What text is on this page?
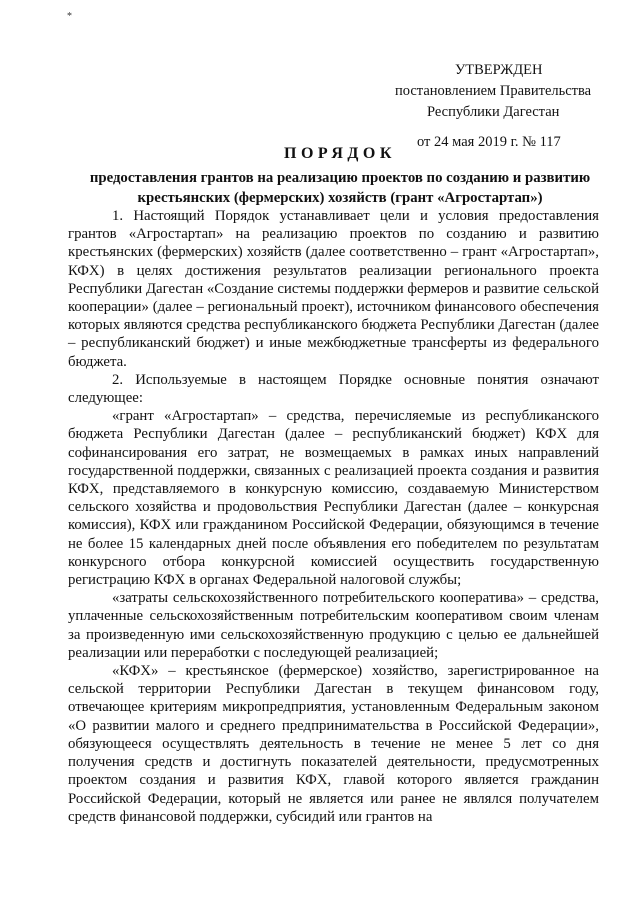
*
УТВЕРЖДЕН
постановлением Правительства
Республики Дагестан
от 24 мая 2019 г. № 117
ПОРЯДОК
предоставления грантов на реализацию проектов по созданию и развитию
крестьянских (фермерских) хозяйств (грант «Агростартап»)

1. Настоящий Порядок устанавливает цели и условия предоставления грантов «Агростартап» на реализацию проектов по созданию и развитию крестьянских (фермерских) хозяйств (далее соответственно – грант «Агростартап», КФХ) в целях достижения результатов реализации регионального проекта Республики Дагестан «Создание системы поддержки фермеров и развитие сельской кооперации» (далее – региональный проект), источником финансового обеспечения которых являются средства республиканского бюджета Республики Дагестан (далее – республиканский бюджет) и иные межбюджетные трансферты из федерального бюджета.

2. Используемые в настоящем Порядке основные понятия означают следующее:

«грант «Агростартап» – средства, перечисляемые из республиканского бюджета Республики Дагестан (далее – республиканский бюджет) КФХ для софинансирования его затрат, не возмещаемых в рамках иных направлений государственной поддержки, связанных с реализацией проекта создания и развития КФХ, представляемого в конкурсную комиссию, создаваемую Министерством сельского хозяйства и продовольствия Республики Дагестан (далее – конкурсная комиссия), КФХ или гражданином Российской Федерации, обязующимся в течение не более 15 календарных дней после объявления его победителем по результатам конкурсного отбора конкурсной комиссией осуществить государственную регистрацию КФХ в органах Федеральной налоговой службы;

«затраты сельскохозяйственного потребительского кооператива» – средства, уплаченные сельскохозяйственным потребительским кооперативом своим членам за произведенную ими сельскохозяйственную продукцию с целью ее дальнейшей реализации или переработки с последующей реализацией;

«КФХ» – крестьянское (фермерское) хозяйство, зарегистрированное на сельской территории Республики Дагестан в текущем финансовом году, отвечающее критериям микропредприятия, установленным Федеральным законом «О развитии малого и среднего предпринимательства в Российской Федерации», обязующееся осуществлять деятельность в течение не менее 5 лет со дня получения средств и достигнуть показателей деятельности, предусмотренных проектом создания и развития КФХ, главой которого является гражданин Российской Федерации, который не является или ранее не являлся получателем средств финансовой поддержки, субсидий или грантов на
